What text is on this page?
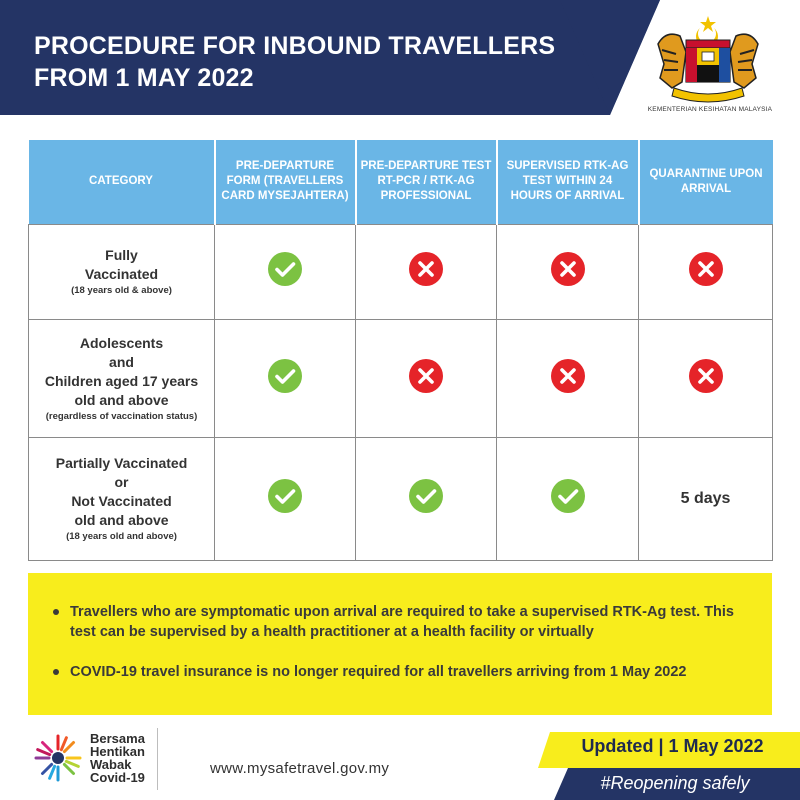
PROCEDURE FOR INBOUND TRAVELLERS FROM 1 MAY 2022
KEMENTERIAN KESIHATAN MALAYSIA
CATEGORY	PRE-DEPARTURE FORM (TRAVELLERS CARD MYSEJAHTERA)	PRE-DEPARTURE TEST RT-PCR / RTK-AG PROFESSIONAL	SUPERVISED RTK-AG TEST WITHIN 24 HOURS OF ARRIVAL	QUARANTINE UPON ARRIVAL

Fully
Vaccinated
(18 years old & above)

Adolescents
and
Children aged 17 years
old and above
(regardless of vaccination status)

Partially Vaccinated
or
Not Vaccinated
old and above
(18 years old and above)				5 days

Travellers who are symptomatic upon arrival are required to take a supervised RTK-Ag test. This test can be supervised by a health practitioner at a health facility or virtually

COVID-19 travel insurance is no longer required for all travellers arriving from 1 May 2022

Bersama
Hentikan
Wabak
Covid-19
www.mysafetravel.gov.my
Updated | 1 May 2022
#Reopening safely
